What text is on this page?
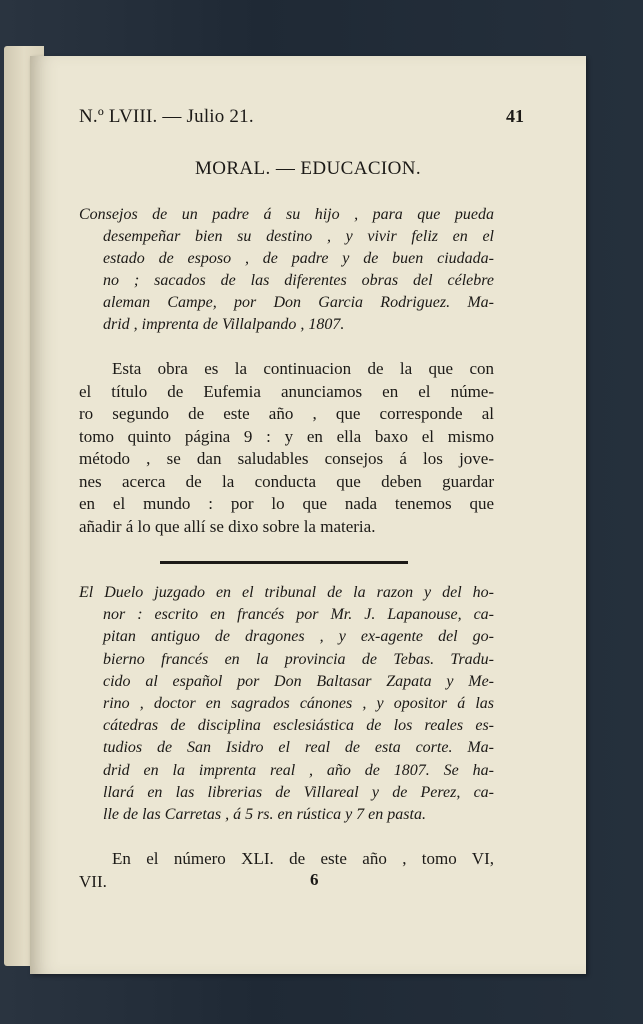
N.º LVIII. — Julio 21.	41
MORAL. — EDUCACION.
Consejos de un padre á su hijo , para que pueda
desempeñar bien su destino , y vivir feliz en el
estado de esposo , de padre y de buen ciudada-
no ; sacados de las diferentes obras del célebre
aleman Campe, por Don Garcia Rodriguez. Ma-
drid , imprenta de Villalpando , 1807.
Esta obra es la continuacion de la que con
el título de Eufemia anunciamos en el núme-
ro segundo de este año , que corresponde al
tomo quinto página 9 : y en ella baxo el mismo
método , se dan saludables consejos á los jove-
nes acerca de la conducta que deben guardar
en el mundo : por lo que nada tenemos que
añadir á lo que allí se dixo sobre la materia.
El Duelo juzgado en el tribunal de la razon y del ho-
nor : escrito en francés por Mr. J. Lapanouse, ca-
pitan antiguo de dragones , y ex-agente del go-
bierno francés en la provincia de Tebas. Tradu-
cido al español por Don Baltasar Zapata y Me-
rino , doctor en sagrados cánones , y opositor á las
cátedras de disciplina esclesiástica de los reales es-
tudios de San Isidro el real de esta corte. Ma-
drid en la imprenta real , año de 1807. Se ha-
llará en las librerias de Villareal y de Perez, ca-
lle de las Carretas , á 5 rs. en rústica y 7 en pasta.
En el número XLI. de este año , tomo VI,
VII.	6
